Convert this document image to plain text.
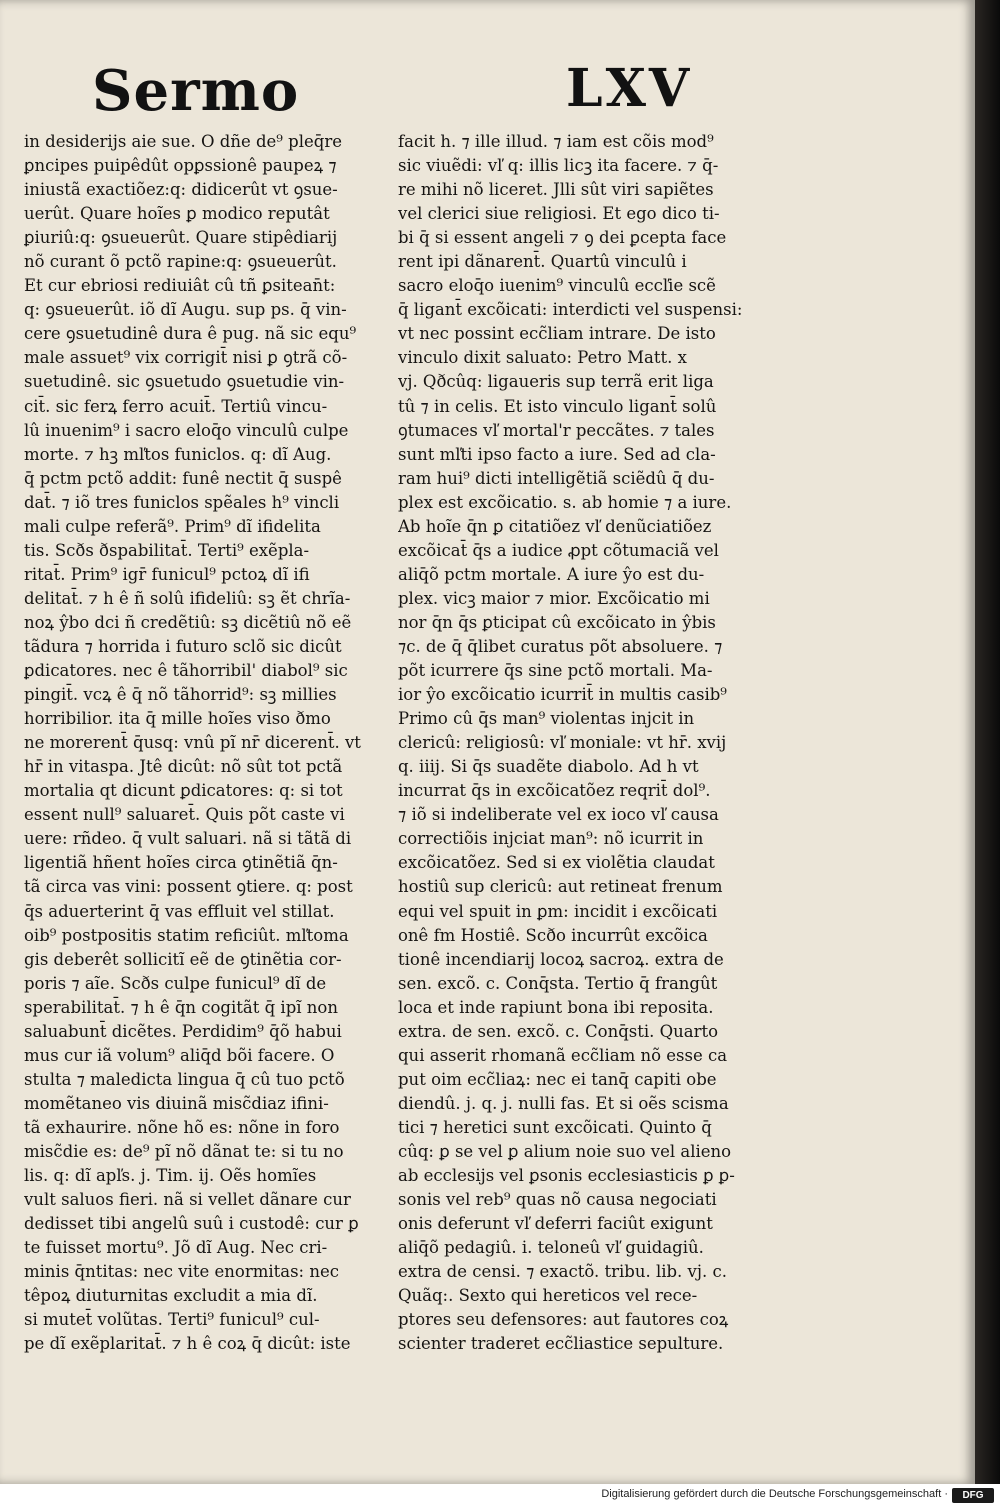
Sermo	LXV
in desiderijs aie sue. O dñe de⁹ pleq̄re
ꝑncipes puipêdût opꝑssionê paupeꝝ ⁊
iniustã exactiõez:q: didicerût vt ꝯsue-
uerût. Quare hoĩes ꝑ modico reputât
ꝑiuriû:q: ꝯsueuerût. Quare stipêdiarij
nõ curant õ pctõ rapine:q: ꝯsueuerût.
Et cur ebriosi rediuiât cû tñ ꝑsitean̄t:
q: ꝯsueuerût. iõ dĩ Augu. sup ps. q̄ vin-
cere ꝯsuetudinê dura ê pug. nã sic equ⁹
male assuet⁹ vix corrigit̄ nisi ꝑ ꝯtrã cõ-
suetudinê. sic ꝯsuetudo ꝯsuetudie vin-
cit̄. sic ferꝝ ferro acuit̄. Tertiû vincu-
lû inuenim⁹ i sacro eloq̄o vinculû culpe
morte. ⁊ hꝫ mľtos funiclos. q: dĩ Aug.
q̄ pctm pctõ addit: funê nectit q̄ suspê
dat̄. ⁊ iõ tres funiclos spẽales h⁹ vincli
mali culpe referã⁹. Prim⁹ dĩ ifidelita
tis. Scðs ðspabilitat̄. Terti⁹ exẽpla-
ritat̄. Prim⁹ igr̄ funicul⁹ pctoꝝ dĩ ifi
delitat̄. ⁊ h ê ñ solû ifideliû: sꝫ ẽt chrĩa-
noꝝ ŷbo dci ñ credẽtiû: sꝫ dicẽtiû nõ eẽ
tãdura ⁊ horrida i futuro sclõ sic dicût
ꝑdicatores. nec ê tãhorribil' diabol⁹ sic
pingit̄. vcꝝ ê q̄ nõ tãhorrid⁹: sꝫ millies
horribilior. ita q̄ mille hoĩes viso ðmo
ne morerent̄ q̄usq: vnû pĩ nr̄ dicerent̄. vt
hr̄ in vitaspa. Jtê dicût: nõ sût tot pctã
mortalia qt dicunt ꝑdicatores: q: si tot
essent null⁹ saluaret̄. Quis põt caste vi
uere: rñdeo. q̄ vult saluari. nã si tãtã di
ligentiã hñent hoĩes circa ꝯtinẽtiã q̄n-
tã circa vas vini: possent ꝯtiere. q: post
q̄s aduerterint q̄ vas effluit vel stillat.
oib⁹ postpositis statim reficiût. mľtoma
gis deberêt sollicitĩ eẽ de ꝯtinẽtia cor-
poris ⁊ aĩe. Scðs culpe funicul⁹ dĩ de
sperabilitat̄. ⁊ h ê q̄n cogitãt q̄ ipĩ non
saluabunt̄ dicẽtes. Perdidim⁹ q̄õ habui
mus cur iã volum⁹ aliq̄d bõi facere. O
stulta ⁊ maledicta lingua q̄ cû tuo pctõ
momẽtaneo vis diuinã misc̃diaz ifini-
tã exhaurire. nõne hõ es: nõne in foro
misc̃die es: de⁹ pĩ nõ dãnat te: si tu no
lis. q: dĩ apľs. j. Tim. ij. Oẽs homĩes
vult saluos fieri. nã si vellet dãnare cur
dedisset tibi angelû suû i custodê: cur ꝑ
te fuisset mortu⁹. Jõ dĩ Aug. Nec cri-
minis q̄ntitas: nec vite enormitas: nec
têpoꝝ diuturnitas excludit a mia dĩ.
si mutet̄ volũtas. Terti⁹ funicul⁹ cul-
pe dĩ exẽplaritat̄. ⁊ h ê coꝝ q̄ dicût: iste
facit h. ⁊ ille illud. ⁊ iam est cõis mod⁹
sic viuẽdi: vľ q: illis licꝫ ita facere. ⁊ q̄-
re mihi nõ liceret. Jlli sût viri sapiẽtes
vel clerici siue religiosi. Et ego dico ti-
bi q̄ si essent angeli ⁊ ꝯ dei ꝑcepta face
rent ipi dãnarent̄. Quartû vinculû i
sacro eloq̄o iuenim⁹ vinculû eccľie scẽ
q̄ ligant̄ excõicati: interdicti vel suspensi:
vt nec possint ecc̃liam intrare. De isto
vinculo dixit saluato: Petro Matt. x
vj. Qðcûq: ligaueris sup terrã erit liga
tû ⁊ in celis. Et isto vinculo ligant̄ solû
ꝯtumaces vľ mortal'r peccãtes. ⁊ tales
sunt mľti ipso facto a iure. Sed ad cla-
ram hui⁹ dicti intelligẽtiã sciẽdû q̄ du-
plex est excõicatio. s. ab homie ⁊ a iure.
Ab hoĩe q̄n ꝑ citatiõez vľ denũciatiõez
excõicat̄ q̄s a iudice ꝓpt cõtumaciã vel
aliq̄õ pctm mortale. A iure ŷo est du-
plex. vicꝫ maior ⁊ mior. Excõicatio mi
nor q̄n q̄s ꝑticipat cû excõicato in ŷbis
⁊c. de q̄ q̄libet curatus põt absoluere. ⁊
põt icurrere q̄s sine pctõ mortali. Ma-
ior ŷo excõicatio icurrit̄ in multis casib⁹
Primo cû q̄s man⁹ violentas injcit in
clericû: religiosû: vľ moniale: vt hr̄. xvij
q. iiij. Si q̄s suadẽte diabolo. Ad h vt
incurrat q̄s in excõicatõez reqrit̄ dol⁹.
⁊ iõ si indeliberate vel ex ioco vľ causa
correctiõis injciat man⁹: nõ icurrit in
excõicatõez. Sed si ex violẽtia claudat
hostiû sup clericû: aut retineat frenum
equi vel spuit in ꝑm: incidit i excõicati
onê fm Hostiê. Scðo incurrût excõica
tionê incendiarij locoꝝ sacroꝝ. extra de
sen. excõ. c. Conq̄sta. Tertio q̄ frangût
loca et inde rapiunt bona ibi reposita.
extra. de sen. excõ. c. Conq̄sti. Quarto
qui asserit rhomanã ecc̃liam nõ esse ca
put oim ecc̃liaꝝ: nec ei tanq̄ capiti obe
diendû. j. q. j. nulli fas. Et si oẽs scisma
tici ⁊ heretici sunt excõicati. Quinto q̄
cûq: ꝑ se vel ꝑ alium noie suo vel alieno
ab ecclesijs vel ꝑsonis ecclesiasticis ꝑ ꝑ-
sonis vel reb⁹ quas nõ causa negociati
onis deferunt vľ deferri faciût exigunt
aliq̄õ pedagiû. i. teloneû vľ guidagiû.
extra de censi. ⁊ exactõ. tribu. lib. vj. c.
Quãq:. Sexto qui hereticos vel rece-
ptores seu defensores: aut fautores coꝝ
scienter traderet ecc̃liastice sepulture.
Digitalisierung gefördert durch die Deutsche Forschungsgemeinschaft ·	DFG
